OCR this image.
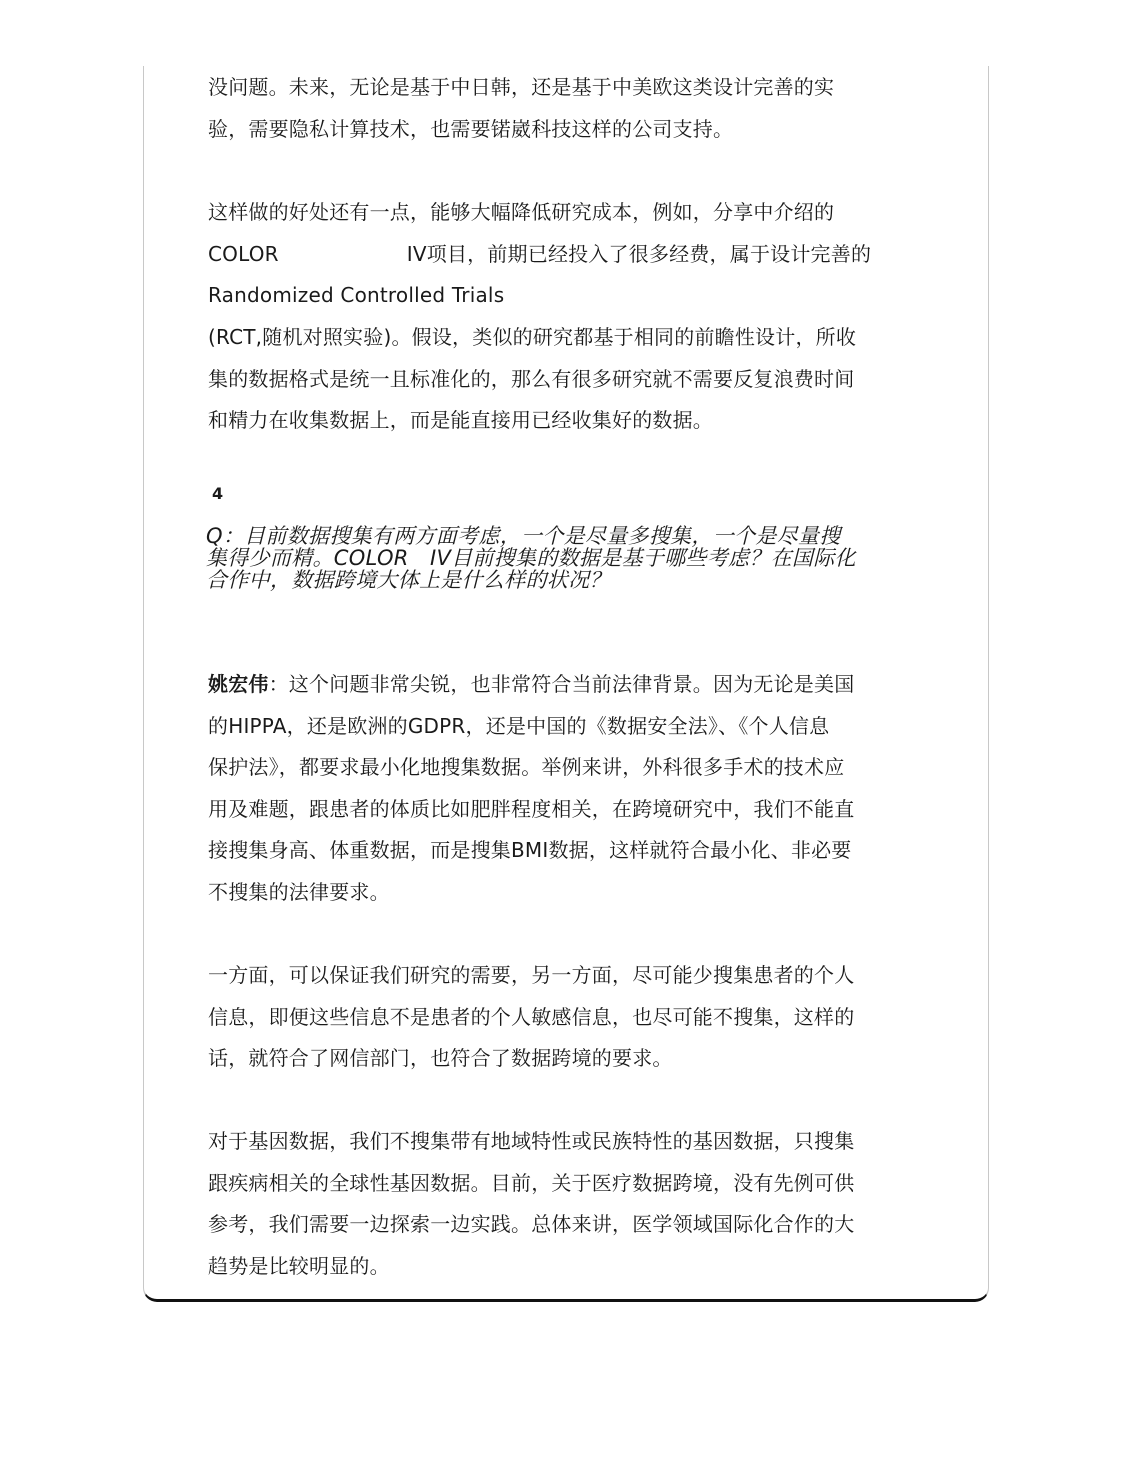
没问题。未来，无论是基于中日韩，还是基于中美欧这类设计完善的实
验，需要隐私计算技术，也需要锘崴科技这样的公司支持。

这样做的好处还有一点，能够大幅降低研究成本，例如，分享中介绍的
COLOR	IV项目，前期已经投入了很多经费，属于设计完善的

Randomized Controlled Trials

(RCT,随机对照实验)。假设，类似的研究都基于相同的前瞻性设计，所收
集的数据格式是统一且标准化的，那么有很多研究就不需要反复浪费时间
和精力在收集数据上，而是能直接用已经收集好的数据。

4

Q：目前数据搜集有两方面考虑，一个是尽量多搜集，一个是尽量搜
集得少而精。COLOR　IV目前搜集的数据是基于哪些考虑？在国际化
合作中，数据跨境大体上是什么样的状况？

姚宏伟：这个问题非常尖锐，也非常符合当前法律背景。因为无论是美国
的HIPPA，还是欧洲的GDPR，还是中国的《数据安全法》、《个人信息
保护法》，都要求最小化地搜集数据。举例来讲，外科很多手术的技术应
用及难题，跟患者的体质比如肥胖程度相关，在跨境研究中，我们不能直
接搜集身高、体重数据，而是搜集BMI数据，这样就符合最小化、非必要
不搜集的法律要求。

一方面，可以保证我们研究的需要，另一方面，尽可能少搜集患者的个人
信息，即便这些信息不是患者的个人敏感信息，也尽可能不搜集，这样的
话，就符合了网信部门，也符合了数据跨境的要求。

对于基因数据，我们不搜集带有地域特性或民族特性的基因数据，只搜集
跟疾病相关的全球性基因数据。目前，关于医疗数据跨境，没有先例可供
参考，我们需要一边探索一边实践。总体来讲，医学领域国际化合作的大
趋势是比较明显的。
